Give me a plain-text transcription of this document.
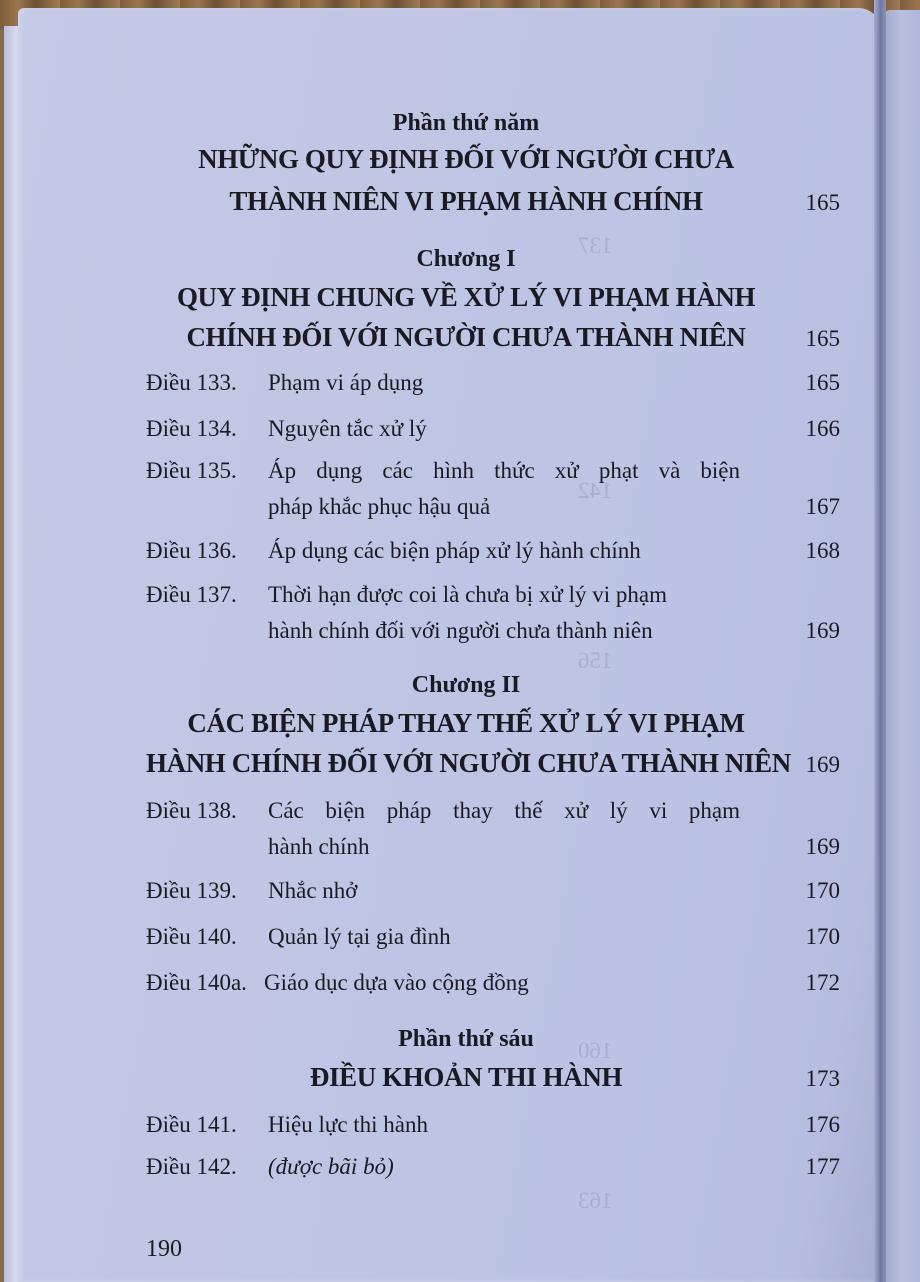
137
142
156
160
163
Phần thứ năm
NHỮNG QUY ĐỊNH ĐỐI VỚI NGƯỜI CHƯA
THÀNH NIÊN VI PHẠM HÀNH CHÍNH	165
Chương I
QUY ĐỊNH CHUNG VỀ XỬ LÝ VI PHẠM HÀNH
CHÍNH ĐỐI VỚI NGƯỜI CHƯA THÀNH NIÊN	165
Điều 133. Phạm vi áp dụng	165
Điều 134. Nguyên tắc xử lý	166
Điều 135. Áp dụng các hình thức xử phạt và biện
pháp khắc phục hậu quả	167
Điều 136. Áp dụng các biện pháp xử lý hành chính	168
Điều 137. Thời hạn được coi là chưa bị xử lý vi phạm
hành chính đối với người chưa thành niên	169
Chương II
CÁC BIỆN PHÁP THAY THẾ XỬ LÝ VI PHẠM
HÀNH CHÍNH ĐỐI VỚI NGƯỜI CHƯA THÀNH NIÊN 169
Điều 138. Các biện pháp thay thế xử lý vi phạm
hành chính	169
Điều 139. Nhắc nhở	170
Điều 140. Quản lý tại gia đình	170
Điều 140a. Giáo dục dựa vào cộng đồng	172
Phần thứ sáu
ĐIỀU KHOẢN THI HÀNH	173
Điều 141. Hiệu lực thi hành	176
Điều 142. (được bãi bỏ)	177
190
